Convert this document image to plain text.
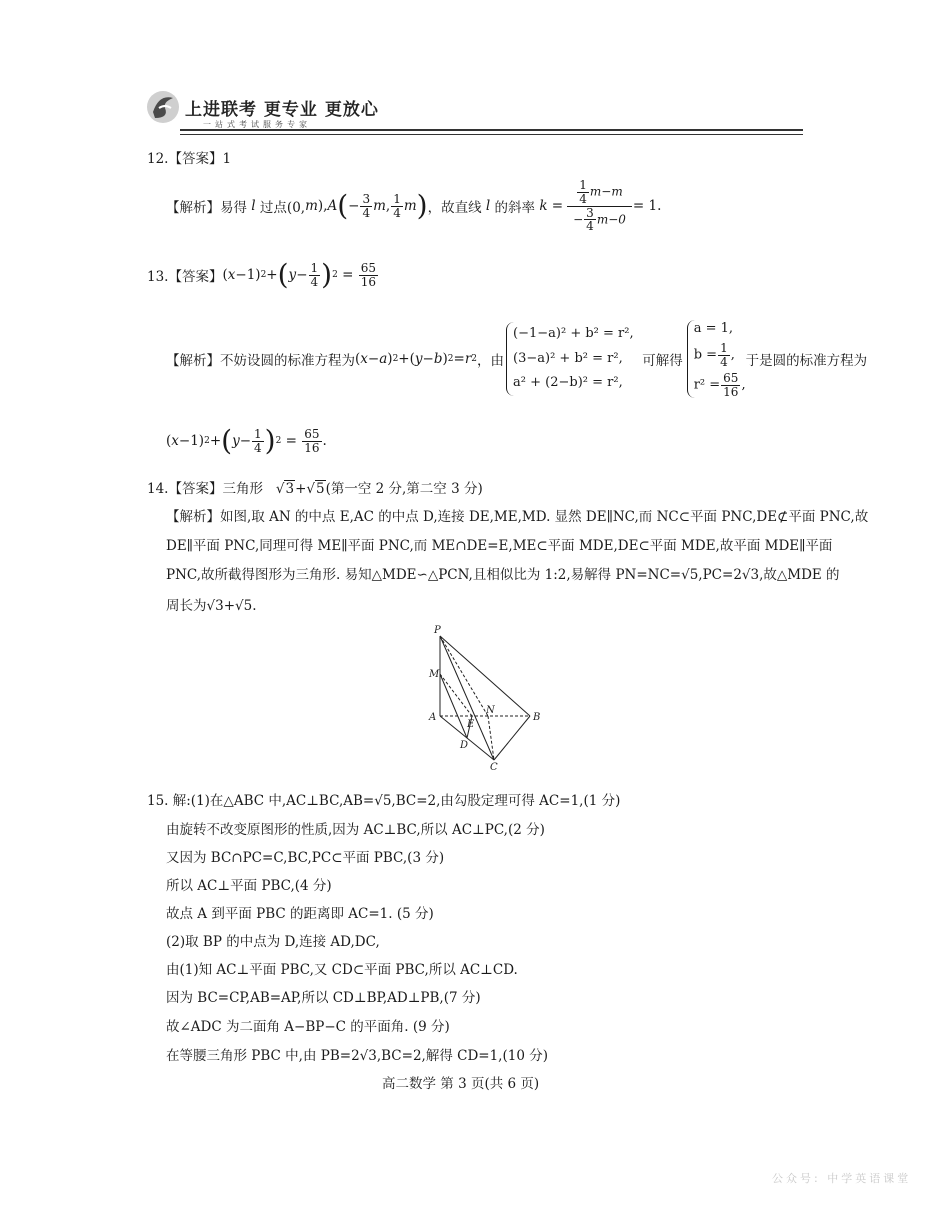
上进联考 更专业 更放心
一站式考试服务专家
12.【答案】1
【解析】易得
l
过点(0, m ), A ( − $\frac{3}{4}$ m , $\frac{1}{4}$ m ) ，故直线
l
的斜率
$k = \frac{\frac{1}{4} m-m}{- \frac{3}{4} m-0} = 1$.
13.【答案】 ( x −1) 2 + ( $y - \frac{1}{4}$ ) $2 = \frac{65}{16}$
【解析】不妨设圆的标准方程为 ( x − a ) 2 +( y − b ) 2 = r 2 ，由
(−1−a)² + b² = r²,
(3−a)² + b² = r²,
a² + (2−b)² = r²,

可解得
a = 1,
$b = \frac{1}{4}$ ,
$r^2 = \frac{65}{16}$ ,
于是圆的标准方程为
( x −1) 2 + ( $y - \frac{1}{4}$ ) $2 = \frac{65}{16}$ .
14.【答案】三角形   √3+√5(第一空 2 分,第二空 3 分)
【解析】如图,取 AN 的中点 E,AC 的中点 D,连接 DE,ME,MD. 显然 DE∥NC,而 NC⊂平面 PNC,DE⊄平面 PNC,故
DE∥平面 PNC,同理可得 ME∥平面 PNC,而 ME∩DE=E,ME⊂平面 MDE,DE⊂平面 MDE,故平面 MDE∥平面
PNC,故所截得图形为三角形. 易知△MDE∽△PCN,且相似比为 1:2,易解得 PN=NC=√5,PC=2√3,故△MDE 的
周长为√3+√5.
P
M
A
N
B
E
D
C
15. 解:(1)在△ABC 中,AC⊥BC,AB=√5,BC=2,由勾股定理可得 AC=1,(1 分)
由旋转不改变原图形的性质,因为 AC⊥BC,所以 AC⊥PC,(2 分)
又因为 BC∩PC=C,BC,PC⊂平面 PBC,(3 分)
所以 AC⊥平面 PBC,(4 分)
故点 A 到平面 PBC 的距离即 AC=1. (5 分)
(2)取 BP 的中点为 D,连接 AD,DC,
由(1)知 AC⊥平面 PBC,又 CD⊂平面 PBC,所以 AC⊥CD.
因为 BC=CP,AB=AP,所以 CD⊥BP,AD⊥PB,(7 分)
故∠ADC 为二面角 A−BP−C 的平面角. (9 分)
在等腰三角形 PBC 中,由 PB=2√3,BC=2,解得 CD=1,(10 分)
高二数学 第 3 页(共 6 页)
公众号: 中学英语课堂
